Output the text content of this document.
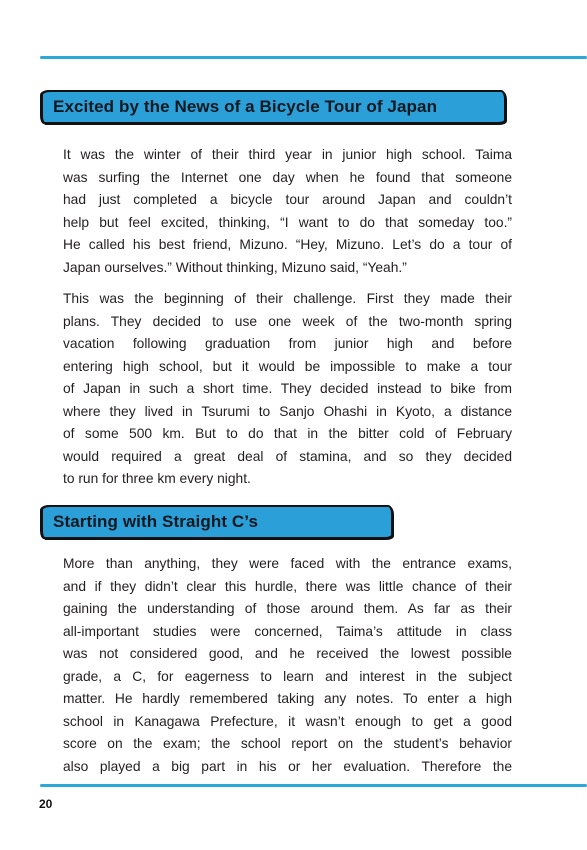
Excited by the News of a Bicycle Tour of Japan

It was the winter of their third year in junior high school. Taima
was surfing the Internet one day when he found that someone
had just completed a bicycle tour around Japan and couldn’t
help but feel excited, thinking, “I want to do that someday too.”
He called his best friend, Mizuno. “Hey, Mizuno. Let’s do a tour of
Japan ourselves.” Without thinking, Mizuno said, “Yeah.”

This was the beginning of their challenge. First they made their
plans. They decided to use one week of the two-month spring
vacation following graduation from junior high and before
entering high school, but it would be impossible to make a tour
of Japan in such a short time. They decided instead to bike from
where they lived in Tsurumi to Sanjo Ohashi in Kyoto, a distance
of some 500 km. But to do that in the bitter cold of February
would required a great deal of stamina, and so they decided
to run for three km every night.

Starting with Straight C’s

More than anything, they were faced with the entrance exams,
and if they didn’t clear this hurdle, there was little chance of their
gaining the understanding of those around them. As far as their
all-important studies were concerned, Taima’s attitude in class
was not considered good, and he received the lowest possible
grade, a C, for eagerness to learn and interest in the subject
matter. He hardly remembered taking any notes. To enter a high
school in Kanagawa Prefecture, it wasn’t enough to get a good
score on the exam; the school report on the student’s behavior
also played a big part in his or her evaluation. Therefore the

20
